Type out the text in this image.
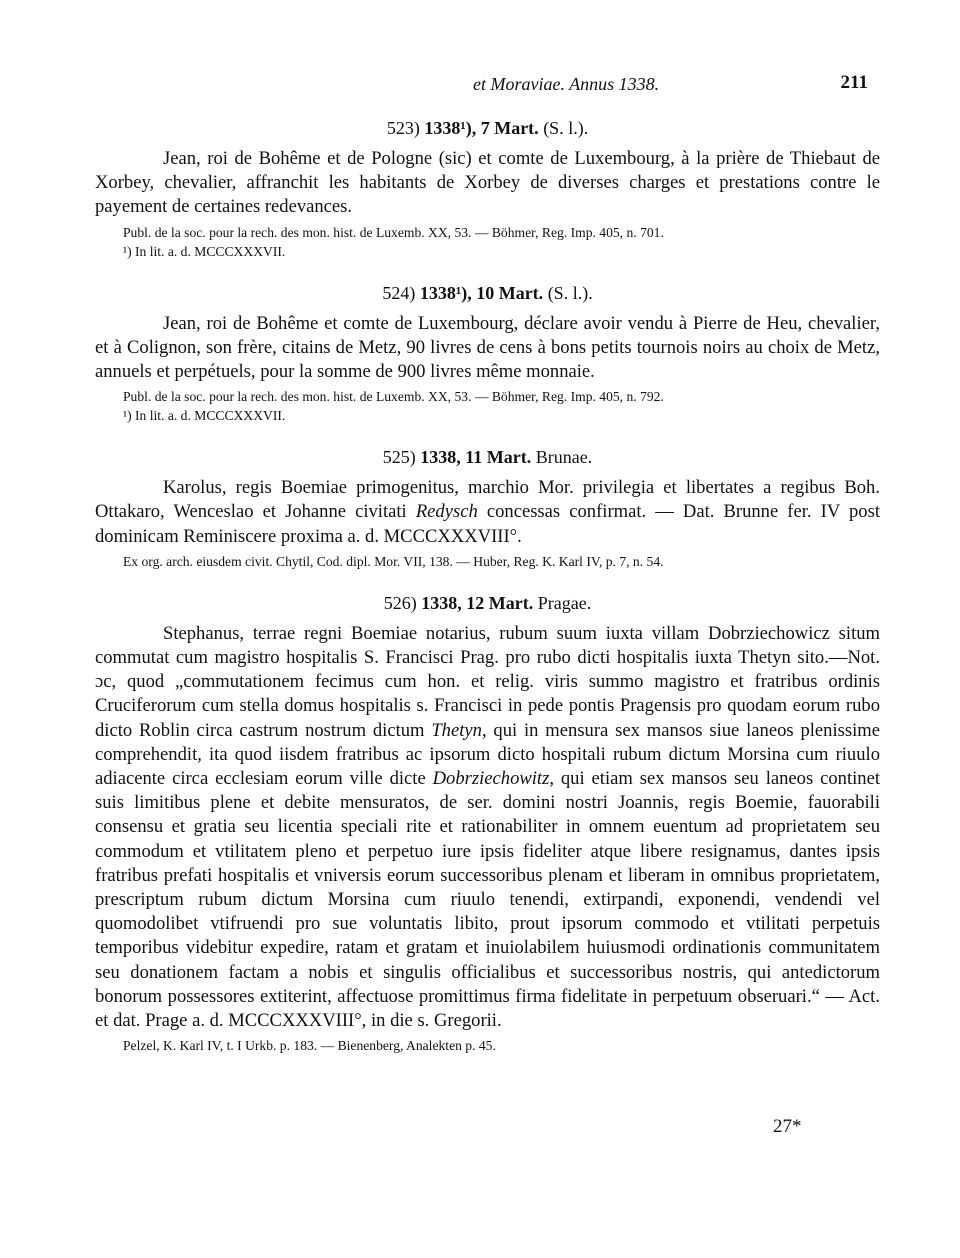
et Moraviae. Annus 1338.	211

523) 1338¹), 7 Mart. (S. l.).

Jean, roi de Bohême et de Pologne (sic) et comte de Luxembourg, à la prière de Thiebaut de Xorbey, chevalier, affranchit les habitants de Xorbey de diverses charges et prestations contre le payement de certaines redevances.

Publ. de la soc. pour la rech. des mon. hist. de Luxemb. XX, 53. — Böhmer, Reg. Imp. 405, n. 701.

¹) In lit. a. d. MCCCXXXVII.

524) 1338¹), 10 Mart. (S. l.).

Jean, roi de Bohême et comte de Luxembourg, déclare avoir vendu à Pierre de Heu, chevalier, et à Colignon, son frère, citains de Metz, 90 livres de cens à bons petits tournois noirs au choix de Metz, annuels et perpétuels, pour la somme de 900 livres même monnaie.

Publ. de la soc. pour la rech. des mon. hist. de Luxemb. XX, 53. — Böhmer, Reg. Imp. 405, n. 792.

¹) In lit. a. d. MCCCXXXVII.

525) 1338, 11 Mart. Brunae.

Karolus, regis Boemiae primogenitus, marchio Mor. privilegia et libertates a regibus Boh. Ottakaro, Wenceslao et Johanne civitati Redysch concessas confirmat. — Dat. Brunne fer. IV post dominicam Reminiscere proxima a. d. MCCCXXXVIII°.

Ex org. arch. eiusdem civit. Chytil, Cod. dipl. Mor. VII, 138. — Huber, Reg. K. Karl IV, p. 7, n. 54.

526) 1338, 12 Mart. Pragae.

Stephanus, terrae regni Boemiae notarius, rubum suum iuxta villam Dobrziechowicz situm commutat cum magistro hospitalis S. Francisci Prag. pro rubo dicti hospitalis iuxta Thetyn sito.—Not. ɔc, quod „commutationem fecimus cum hon. et relig. viris summo magistro et fratribus ordinis Cruciferorum cum stella domus hospitalis s. Francisci in pede pontis Pragensis pro quodam eorum rubo dicto Roblin circa castrum nostrum dictum Thetyn, qui in mensura sex mansos siue laneos plenissime comprehendit, ita quod iisdem fratribus ac ipsorum dicto hospitali rubum dictum Morsina cum riuulo adiacente circa ecclesiam eorum ville dicte Dobrziechowitz, qui etiam sex mansos seu laneos continet suis limitibus plene et debite mensuratos, de ser. domini nostri Joannis, regis Boemie, fauorabili consensu et gratia seu licentia speciali rite et rationabiliter in omnem euentum ad proprietatem seu commodum et vtilitatem pleno et perpetuo iure ipsis fideliter atque libere resignamus, dantes ipsis fratribus prefati hospitalis et vniversis eorum successoribus plenam et liberam in omnibus proprietatem, prescriptum rubum dictum Morsina cum riuulo tenendi, extirpandi, exponendi, vendendi vel quomodolibet vtifruendi pro sue voluntatis libito, prout ipsorum commodo et vtilitati perpetuis temporibus videbitur expedire, ratam et gratam et inuiolabilem huiusmodi ordinationis communitatem seu donationem factam a nobis et singulis officialibus et successoribus nostris, qui antedictorum bonorum possessores extiterint, affectuose promittimus firma fidelitate in perpetuum obseruari.“ — Act. et dat. Prage a. d. MCCCXXXVIII°, in die s. Gregorii.

Pelzel, K. Karl IV, t. I Urkb. p. 183. — Bienenberg, Analekten p. 45.

27*
